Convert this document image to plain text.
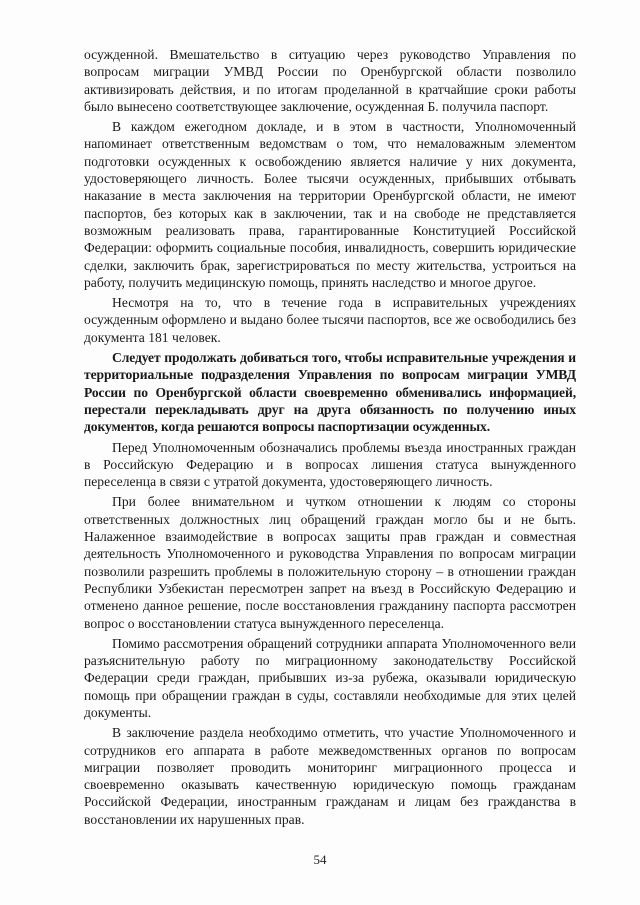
осужденной. Вмешательство в ситуацию через руководство Управления по вопросам миграции УМВД России по Оренбургской области позволило активизировать действия, и по итогам проделанной в кратчайшие сроки работы было вынесено соответствующее заключение, осужденная Б. получила паспорт.

В каждом ежегодном докладе, и в этом в частности, Уполномоченный напоминает ответственным ведомствам о том, что немаловажным элементом подготовки осужденных к освобождению является наличие у них документа, удостоверяющего личность. Более тысячи осужденных, прибывших отбывать наказание в места заключения на территории Оренбургской области, не имеют паспортов, без которых как в заключении, так и на свободе не представляется возможным реализовать права, гарантированные Конституцией Российской Федерации: оформить социальные пособия, инвалидность, совершить юридические сделки, заключить брак, зарегистрироваться по месту жительства, устроиться на работу, получить медицинскую помощь, принять наследство и многое другое.

Несмотря на то, что в течение года в исправительных учреждениях осужденным оформлено и выдано более тысячи паспортов, все же освободились без документа 181 человек.

Следует продолжать добиваться того, чтобы исправительные учреждения и территориальные подразделения Управления по вопросам миграции УМВД России по Оренбургской области своевременно обменивались информацией, перестали перекладывать друг на друга обязанность по получению иных документов, когда решаются вопросы паспортизации осужденных.

Перед Уполномоченным обозначались проблемы въезда иностранных граждан в Российскую Федерацию и в вопросах лишения статуса вынужденного переселенца в связи с утратой документа, удостоверяющего личность.

При более внимательном и чутком отношении к людям со стороны ответственных должностных лиц обращений граждан могло бы и не быть. Налаженное взаимодействие в вопросах защиты прав граждан и совместная деятельность Уполномоченного и руководства Управления по вопросам миграции позволили разрешить проблемы в положительную сторону – в отношении граждан Республики Узбекистан пересмотрен запрет на въезд в Российскую Федерацию и отменено данное решение, после восстановления гражданину паспорта рассмотрен вопрос о восстановлении статуса вынужденного переселенца.

Помимо рассмотрения обращений сотрудники аппарата Уполномоченного вели разъяснительную работу по миграционному законодательству Российской Федерации среди граждан, прибывших из-за рубежа, оказывали юридическую помощь при обращении граждан в суды, составляли необходимые для этих целей документы.

В заключение раздела необходимо отметить, что участие Уполномоченного и сотрудников его аппарата в работе межведомственных органов по вопросам миграции позволяет проводить мониторинг миграционного процесса и своевременно оказывать качественную юридическую помощь гражданам Российской Федерации, иностранным гражданам и лицам без гражданства в восстановлении их нарушенных прав.

54
